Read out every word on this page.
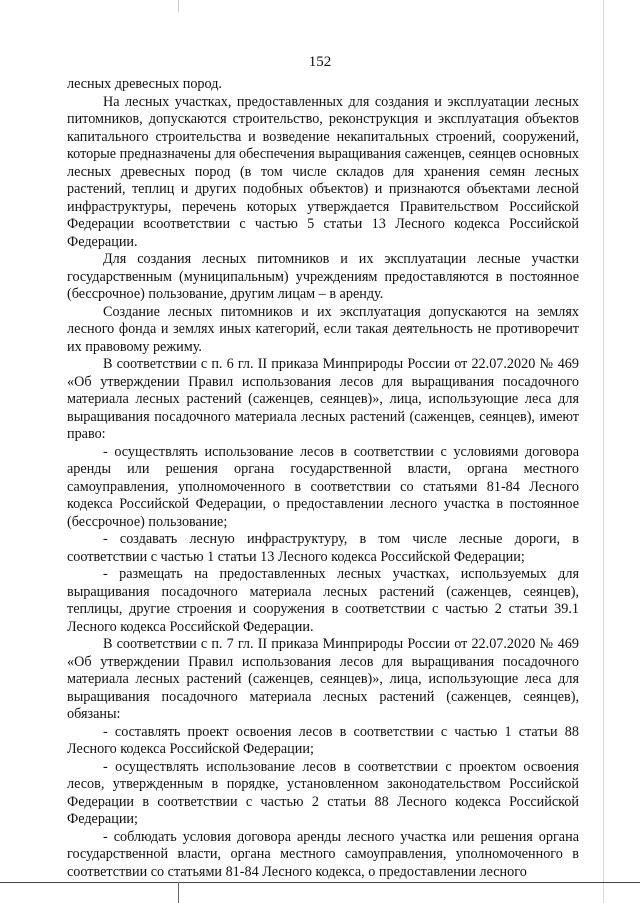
152

лесных древесных пород.

На лесных участках, предоставленных для создания и эксплуатации лесных питомников, допускаются строительство, реконструкция и эксплуатация объектов капитального строительства и возведение некапитальных строений, сооружений, которые предназначены для обеспечения выращивания саженцев, сеянцев основных лесных древесных пород (в том числе складов для хранения семян лесных растений, теплиц и других подобных объектов) и признаются объектами лесной инфраструктуры, перечень которых утверждается Правительством Российской Федерации всоответствии с частью 5 статьи 13 Лесного кодекса Российской Федерации.

Для создания лесных питомников и их эксплуатации лесные участки государственным (муниципальным) учреждениям предоставляются в постоянное (бессрочное) пользование, другим лицам – в аренду.

Создание лесных питомников и их эксплуатация допускаются на землях лесного фонда и землях иных категорий, если такая деятельность не противоречит их правовому режиму.

В соответствии с п. 6 гл. II приказа Минприроды России от 22.07.2020 № 469 «Об утверждении Правил использования лесов для выращивания посадочного материала лесных растений (саженцев, сеянцев)», лица, использующие леса для выращивания посадочного материала лесных растений (саженцев, сеянцев), имеют право:

- осуществлять использование лесов в соответствии с условиями договора аренды или решения органа государственной власти, органа местного самоуправления, уполномоченного в соответствии со статьями 81-84 Лесного кодекса Российской Федерации, о предоставлении лесного участка в постоянное (бессрочное) пользование;

- создавать лесную инфраструктуру, в том числе лесные дороги, в соответствии с частью 1 статьи 13 Лесного кодекса Российской Федерации;

- размещать на предоставленных лесных участках, используемых для выращивания посадочного материала лесных растений (саженцев, сеянцев), теплицы, другие строения и сооружения в соответствии с частью 2 статьи 39.1 Лесного кодекса Российской Федерации.

В соответствии с п. 7 гл. II приказа Минприроды России от 22.07.2020 № 469 «Об утверждении Правил использования лесов для выращивания посадочного материала лесных растений (саженцев, сеянцев)», лица, использующие леса для выращивания посадочного материала лесных растений (саженцев, сеянцев), обязаны:

- составлять проект освоения лесов в соответствии с частью 1 статьи 88 Лесного кодекса Российской Федерации;

- осуществлять использование лесов в соответствии с проектом освоения лесов, утвержденным в порядке, установленном законодательством Российской Федерации в соответствии с частью 2 статьи 88 Лесного кодекса Российской Федерации;

- соблюдать условия договора аренды лесного участка или решения органа государственной власти, органа местного самоуправления, уполномоченного в соответствии со статьями 81-84 Лесного кодекса, о предоставлении лесного
